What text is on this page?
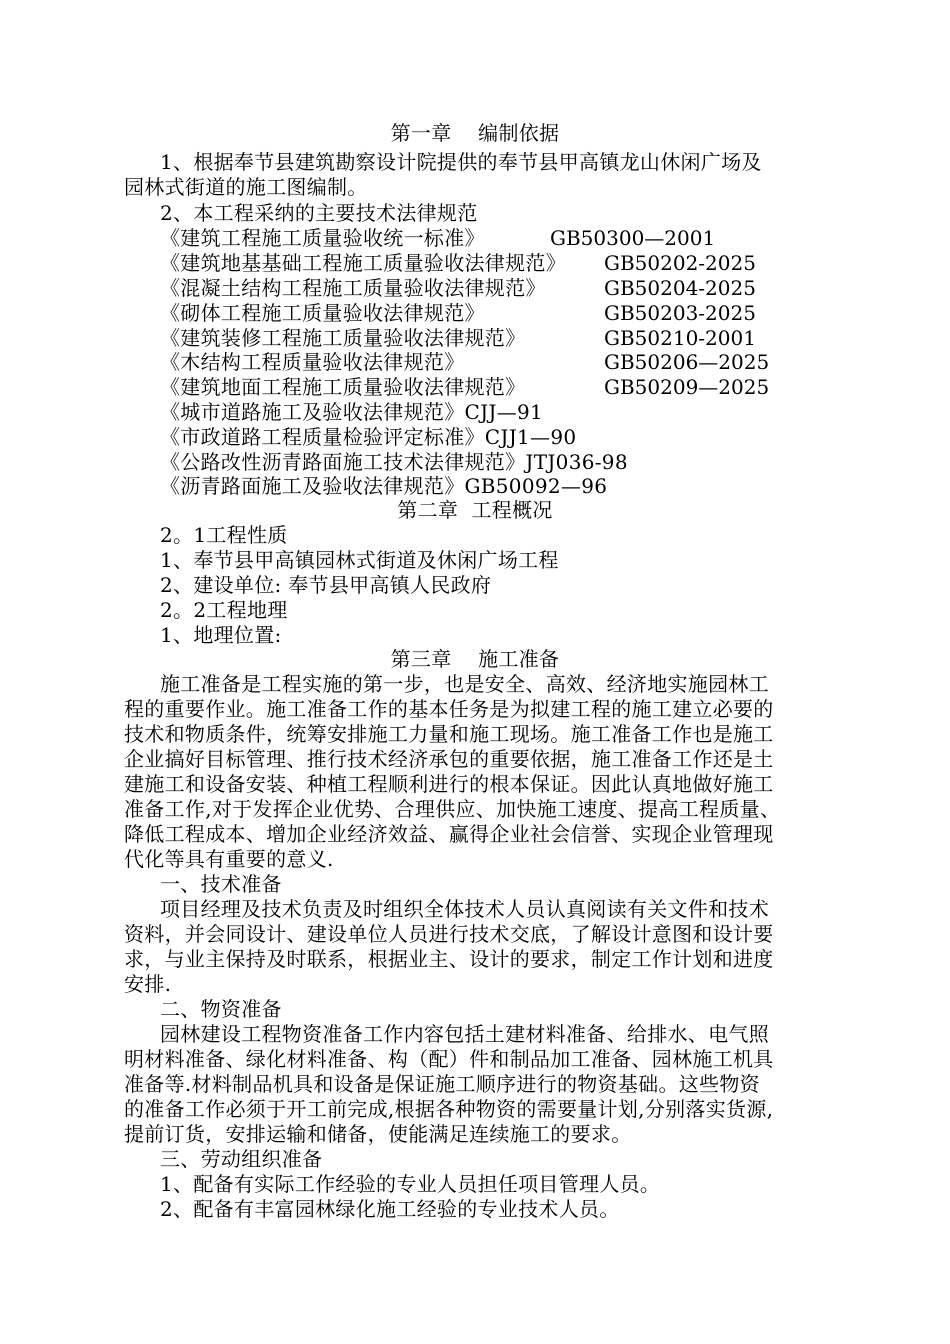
第一章    编制依据
1、根据奉节县建筑勘察设计院提供的奉节县甲高镇龙山休闲广场及
园林式街道的施工图编制。
2、本工程采纳的主要技术法律规范
《建筑工程施工质量验收统一标准》	GB50300—2001
《建筑地基基础工程施工质量验收法律规范》 GB50202-2025
《混凝土结构工程施工质量验收法律规范》	GB50204-2025
《砌体工程施工质量验收法律规范》	GB50203-2025
《建筑装修工程施工质量验收法律规范》	GB50210-2001
《木结构工程质量验收法律规范》	GB50206—2025
《建筑地面工程施工质量验收法律规范》	GB50209—2025
《城市道路施工及验收法律规范》CJJ—91
《市政道路工程质量检验评定标准》CJJ1—90
《公路改性沥青路面施工技术法律规范》JTJ036-98
《沥青路面施工及验收法律规范》GB50092—96
第二章  工程概况
2。1工程性质
1、奉节县甲高镇园林式街道及休闲广场工程
2、建设单位: 奉节县甲高镇人民政府
2。2工程地理
1、地理位置:
第三章    施工准备
施工准备是工程实施的第一步，也是安全、高效、经济地实施园林工
程的重要作业。施工准备工作的基本任务是为拟建工程的施工建立必要的
技术和物质条件，统筹安排施工力量和施工现场。施工准备工作也是施工
企业搞好目标管理、推行技术经济承包的重要依据，施工准备工作还是土
建施工和设备安装、种植工程顺利进行的根本保证。因此认真地做好施工
准备工作,对于发挥企业优势、合理供应、加快施工速度、提高工程质量、
降低工程成本、增加企业经济效益、赢得企业社会信誉、实现企业管理现
代化等具有重要的意义.
一、技术准备
项目经理及技术负责及时组织全体技术人员认真阅读有关文件和技术
资料，并会同设计、建设单位人员进行技术交底，了解设计意图和设计要
求，与业主保持及时联系，根据业主、设计的要求，制定工作计划和进度
安排.
二、物资准备
园林建设工程物资准备工作内容包括土建材料准备、给排水、电气照
明材料准备、绿化材料准备、构（配）件和制品加工准备、园林施工机具
准备等.材料制品机具和设备是保证施工顺序进行的物资基础。这些物资
的准备工作必须于开工前完成,根据各种物资的需要量计划,分别落实货源,
提前订货，安排运输和储备，使能满足连续施工的要求。
三、劳动组织准备
1、配备有实际工作经验的专业人员担任项目管理人员。
2、配备有丰富园林绿化施工经验的专业技术人员。
